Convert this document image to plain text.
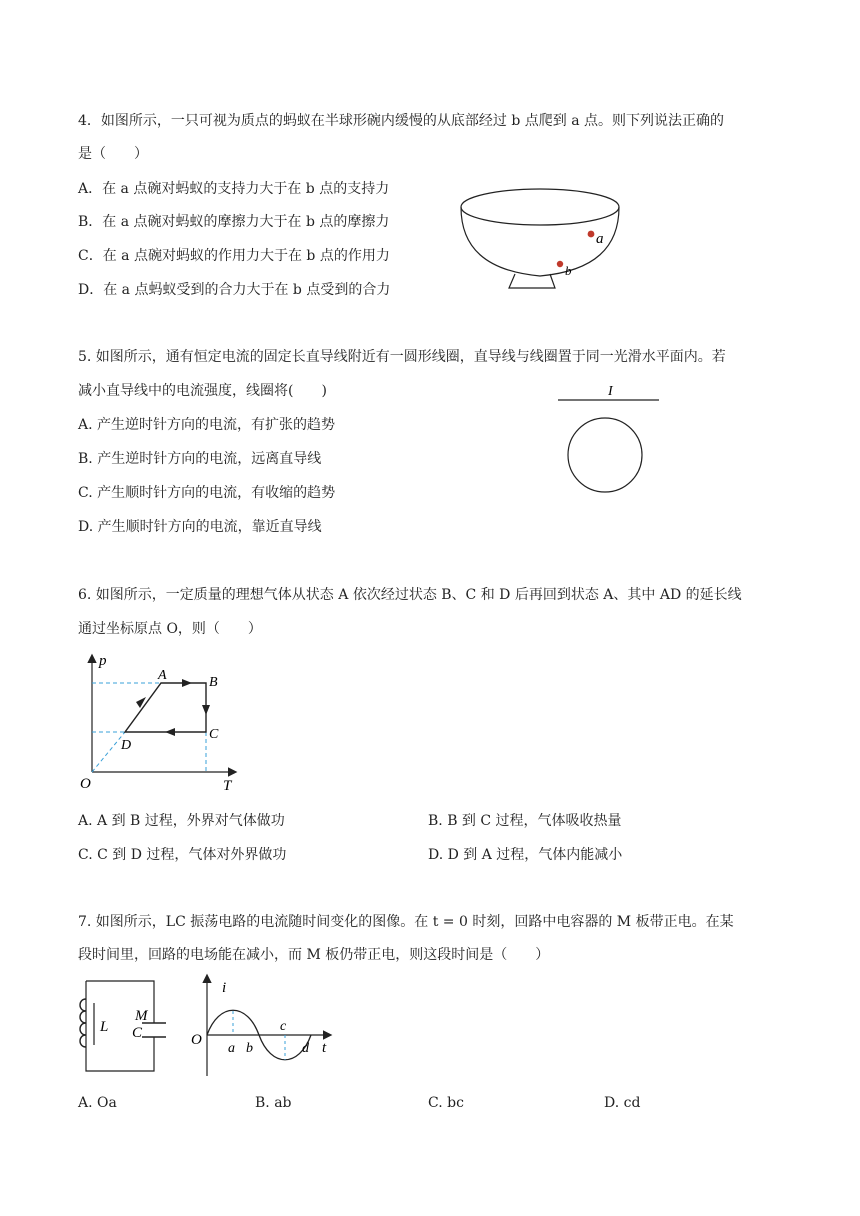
4．如图所示，一只可视为质点的蚂蚁在半球形碗内缓慢的从底部经过 b 点爬到 a 点。则下列说法正确的
是（　　）
A．在 a 点碗对蚂蚁的支持力大于在 b 点的支持力
B．在 a 点碗对蚂蚁的摩擦力大于在 b 点的摩擦力
C．在 a 点碗对蚂蚁的作用力大于在 b 点的作用力
D．在 a 点蚂蚁受到的合力大于在 b 点受到的合力
a
b
5. 如图所示，通有恒定电流的固定长直导线附近有一圆形线圈，直导线与线圈置于同一光滑水平面内。若
减小直导线中的电流强度，线圈将(　　)
A. 产生逆时针方向的电流，有扩张的趋势
B. 产生逆时针方向的电流，远离直导线
C. 产生顺时针方向的电流，有收缩的趋势
D. 产生顺时针方向的电流，靠近直导线
I
6. 如图所示，一定质量的理想气体从状态 A 依次经过状态 B、C 和 D 后再回到状态 A、其中 AD 的延长线
通过坐标原点 O，则（　　）
p
T
O
A	B
C
D
A. A 到 B 过程，外界对气体做功	B. B 到 C 过程，气体吸收热量
C. C 到 D 过程，气体对外界做功	D. D 到 A 过程，气体内能减小
7. 如图所示，LC 振荡电路的电流随时间变化的图像。在 t = 0 时刻，回路中电容器的 M 板带正电。在某
段时间里，回路的电场能在减小，而 M 板仍带正电，则这段时间是（　　）
L
M
C
i
t
O
a b
c
d
A. Oa	B. ab	C. bc	D. cd
